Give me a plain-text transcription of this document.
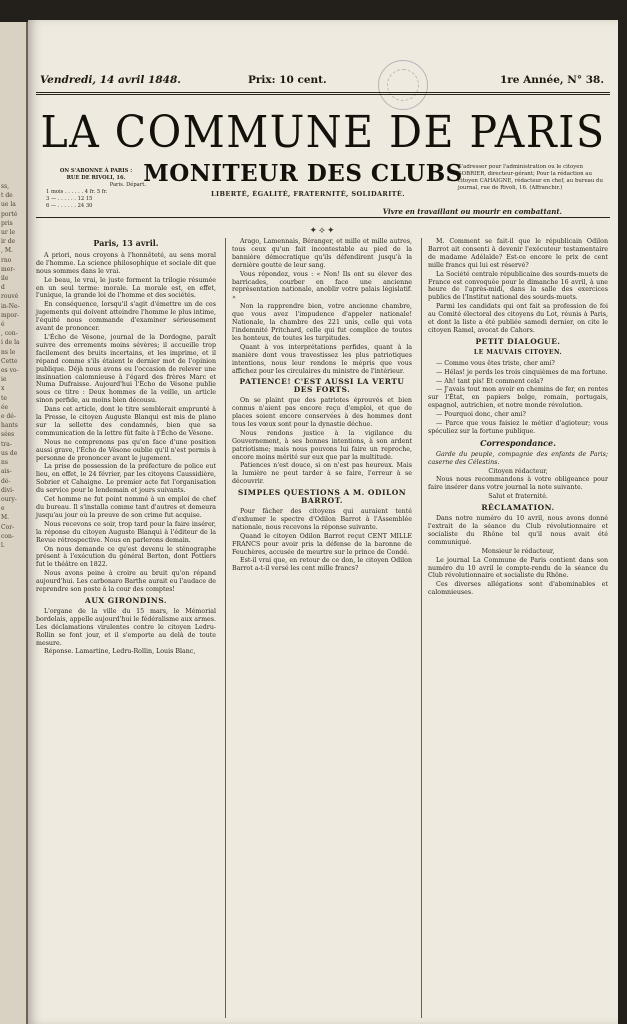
ss,
t de
ue la
porté
pris
ur le
ir de
, M.
rno
mer-
ile
d
rouvé
in-Ne-
mpor-
é
, con-
i de la
ns le
Cette
es vo-
ie
x
te
ée
e dé-
hants
sées
tra-
us de
ns
ais-
dé-
divi-
oury-
e
M.
Cor-
con-
l.
Vendredi, 14 avril 1848.	Prix: 10 cent.	1re Année, N° 38.
LA COMMUNE DE PARIS
ON S'ABONNE À PARIS :
RUE DE RIVOLI, 16.
Paris. Départ.
1 mois . . . . . . 4 fr. 5 fr.
3 — . . . . . . 12 15
6 — . . . . . . 24 30
MONITEUR DES CLUBS
LIBERTÉ, ÉGALITÉ, FRATERNITÉ, SOLIDARITÉ.
S'adresser pour l'administration ou le citoyen SOBRIER, directeur-gérant; Pour la rédaction au citoyen CAHAIGNE, rédacteur en chef, au bureau du journal, rue de Rivoli, 16. (Affranchir.)
Vivre en travaillant ou mourir en combattant.
✦⟡✦

Paris, 13 avril.

A priori, nous croyons à l'honnêteté, au sens moral de l'homme. La science philosophique et sociale dit que nous sommes dans le vrai.

Le beau, le vrai, le juste forment la trilogie résumée en un seul terme: morale. La morale est, en effet, l'unique, la grande loi de l'homme et des sociétés.

En conséquence, lorsqu'il s'agit d'émettre un de ces jugements qui doivent atteindre l'homme le plus intime, l'équité nous commande d'examiner sérieusement avant de prononcer.

L'Écho de Vésone, journal de la Dordogne, paraît suivre des errements moins sévères; il accueille trop facilement des bruits incertains, et les imprime, et il répand comme s'ils étaient le dernier mot de l'opinion publique. Déjà nous avons eu l'occasion de relever une insinuation calomnieuse à l'égard des frères Marc et Numa Dufraisse. Aujourd'hui l'Écho de Vésone publie sous ce titre : Deux hommes de la veille, un article sinon perfide, au moins bien décousu.

Dans cet article, dont le titre semblerait emprunté à la Presse, le citoyen Auguste Blanqui est mis de plano sur la sellette des condamnés, bien que sa communication de la lettre fût faite à l'Écho de Vésone.

Nous ne comprenons pas qu'en face d'une position aussi grave, l'Écho de Vésone oublie qu'il n'est permis à personne de prononcer avant le jugement.

La prise de possession de la préfecture de police eut lieu, en effet, le 24 février, par les citoyens Caussidière, Sobrier et Cahaigne. Le premier acte fut l'organisation du service pour le lendemain et jours suivants.

Cet homme ne fut point nommé à un emploi de chef du bureau. Il s'installa comme tant d'autres et demeura jusqu'au jour où la preuve de son crime fut acquise.

Nous recevons ce soir, trop tard pour la faire insérer, la réponse du citoyen Auguste Blanqui à l'éditeur de la Revue rétrospective. Nous en parlerons demain.

On nous demande ce qu'est devenu le sténographe présent à l'exécution du général Berton, dont Pottiers fut le théâtre en 1822.

Nous avons peine à croire au bruit qu'on répand aujourd'hui. Les carbonaro Barthe aurait eu l'audace de reprendre son poste à la cour des comptes!

AUX GIRONDINS.

L'organe de la ville du 15 mars, le Mémorial bordelais, appelle aujourd'hui le fédéralisme aux armes. Les déclamations virulentes contre le citoyen Ledru-Rollin se font jour, et il s'emporte au delà de toute mesure.

Réponse. Lamartine, Ledru-Rollin, Louis Blanc,

Arago, Lamennais, Béranger, et mille et mille autres, tous ceux qu'un fait incontestable au pied de la bannière démocratique qu'ils défendirent jusqu'à la dernière goutte de leur sang.

Vous répondez, vous : « Non! Ils ont su élever des barricades, courber en face une ancienne représentation nationale, anoblir votre palais législatif. »

Non la rapprendre bien, votre ancienne chambre, que vous avez l'impudence d'appeler nationale! Nationale, la chambre des 221 unis, celle qui vota l'indemnité Pritchard, celle qui fut complice de toutes les honteux, de toutes les turpitudes.

Quant à vos interprétations perfides, quant à la manière dont vous travestissez les plus patriotiques intentions, nous leur rendons le mépris que vous affichez pour les circulaires du ministre de l'intérieur.

PATIENCE! C'EST AUSSI LA VERTU DES FORTS.

On se plaint que des patriotes éprouvés et bien connus n'aient pas encore reçu d'emploi, et que de places soient encore conservées à des hommes dont tous les vœux sont pour la dynastie déchue.

Nous rendons justice à la vigilance du Gouvernement, à ses bonnes intentions, à son ardent patriotisme; mais nous pouvons lui faire un reproche, encore moins mérité sur eux que par la multitude.

Patiences n'est douce, si on n'est pas heureux. Mais la lumière ne peut tarder à se faire, l'erreur à se découvrir.

SIMPLES QUESTIONS A M. ODILON BARROT.

Pour fâcher des citoyens qui auraient tenté d'exhumer le spectre d'Odilon Barrot à l'Assemblée nationale, nous recevons la réponse suivante.

Quand le citoyen Odilon Barrot reçut CENT MILLE FRANCS pour avoir pris la défense de la baronne de Feuchères, accusée de meurtre sur le prince de Condé.

Est-il vrai que, en retour de ce don, le citoyen Odilon Barrot a-t-il versé les cent mille francs?

M. Comment se fait-il que le républicain Odilon Barrot ait consenti à devenir l'exécuteur testamentaire de madame Adélaïde? Est-ce encore le prix de cent mille francs qui lui est réservé?

La Société centrale républicaine des sourds-muets de France est convoquée pour le dimanche 16 avril, à une heure de l'après-midi, dans la salle des exercices publics de l'Institut national des sourds-muets.

Parmi les candidats qui ont fait sa profession de foi au Comité électoral des citoyens du Lot, réunis à Paris, et dont la liste a été publiée samedi dernier, on cite le citoyen Ramel, avocat de Cahors.

PETIT DIALOGUE.

LE MAUVAIS CITOYEN.

— Comme vous êtes triste, cher ami?

— Hélas! je perds les trois cinquièmes de ma fortune.

— Ah! tant pis! Et comment cela?

— J'avais tout mon avoir en chemins de fer, en rentes sur l'État, en papiers belge, romain, portugais, espagnol, autrichien, et notre monde révolution.

— Pourquoi donc, cher ami?

— Parce que vous faisiez le métier d'agioteur; vous spéculiez sur la fortune publique.

Correspondance.

Garde du peuple, compagnie des enfants de Paris; caserne des Célestins.

Citoyen rédacteur,

Nous nous recommandons à votre obligeance pour faire insérer dans votre journal la note suivante.

Salut et fraternité.

RÉCLAMATION.

Dans notre numéro du 10 avril, nous avons donné l'extrait de la séance du Club révolutionnaire et socialiste du Rhône tel qu'il nous avait été communiqué.

Monsieur le rédacteur,

Le journal La Commune de Paris contient dans son numéro du 10 avril le compte-rendu de la séance du Club révolutionnaire et socialiste du Rhône.

Ces diverses allégations sont d'abominables et calomnieuses.
